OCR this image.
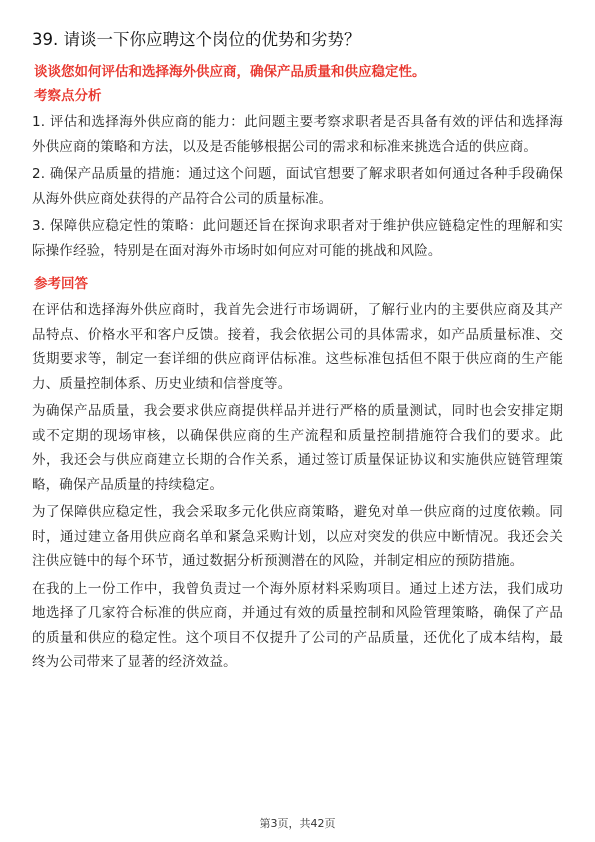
39. 请谈一下你应聘这个岗位的优势和劣势？
谈谈您如何评估和选择海外供应商，确保产品质量和供应稳定性。
考察点分析

1. 评估和选择海外供应商的能力：此问题主要考察求职者是否具备有效的评估和选择海外供应商的策略和方法，以及是否能够根据公司的需求和标准来挑选合适的供应商。

2. 确保产品质量的措施：通过这个问题，面试官想要了解求职者如何通过各种手段确保从海外供应商处获得的产品符合公司的质量标准。

3. 保障供应稳定性的策略：此问题还旨在探询求职者对于维护供应链稳定性的理解和实际操作经验，特别是在面对海外市场时如何应对可能的挑战和风险。

参考回答

在评估和选择海外供应商时，我首先会进行市场调研，了解行业内的主要供应商及其产品特点、价格水平和客户反馈。接着，我会依据公司的具体需求，如产品质量标准、交货期要求等，制定一套详细的供应商评估标准。这些标准包括但不限于供应商的生产能力、质量控制体系、历史业绩和信誉度等。

为确保产品质量，我会要求供应商提供样品并进行严格的质量测试，同时也会安排定期或不定期的现场审核，以确保供应商的生产流程和质量控制措施符合我们的要求。此外，我还会与供应商建立长期的合作关系，通过签订质量保证协议和实施供应链管理策略，确保产品质量的持续稳定。

为了保障供应稳定性，我会采取多元化供应商策略，避免对单一供应商的过度依赖。同时，通过建立备用供应商名单和紧急采购计划，以应对突发的供应中断情况。我还会关注供应链中的每个环节，通过数据分析预测潜在的风险，并制定相应的预防措施。

在我的上一份工作中，我曾负责过一个海外原材料采购项目。通过上述方法，我们成功地选择了几家符合标准的供应商，并通过有效的质量控制和风险管理策略，确保了产品的质量和供应的稳定性。这个项目不仅提升了公司的产品质量，还优化了成本结构，最终为公司带来了显著的经济效益。

第3页，共42页
